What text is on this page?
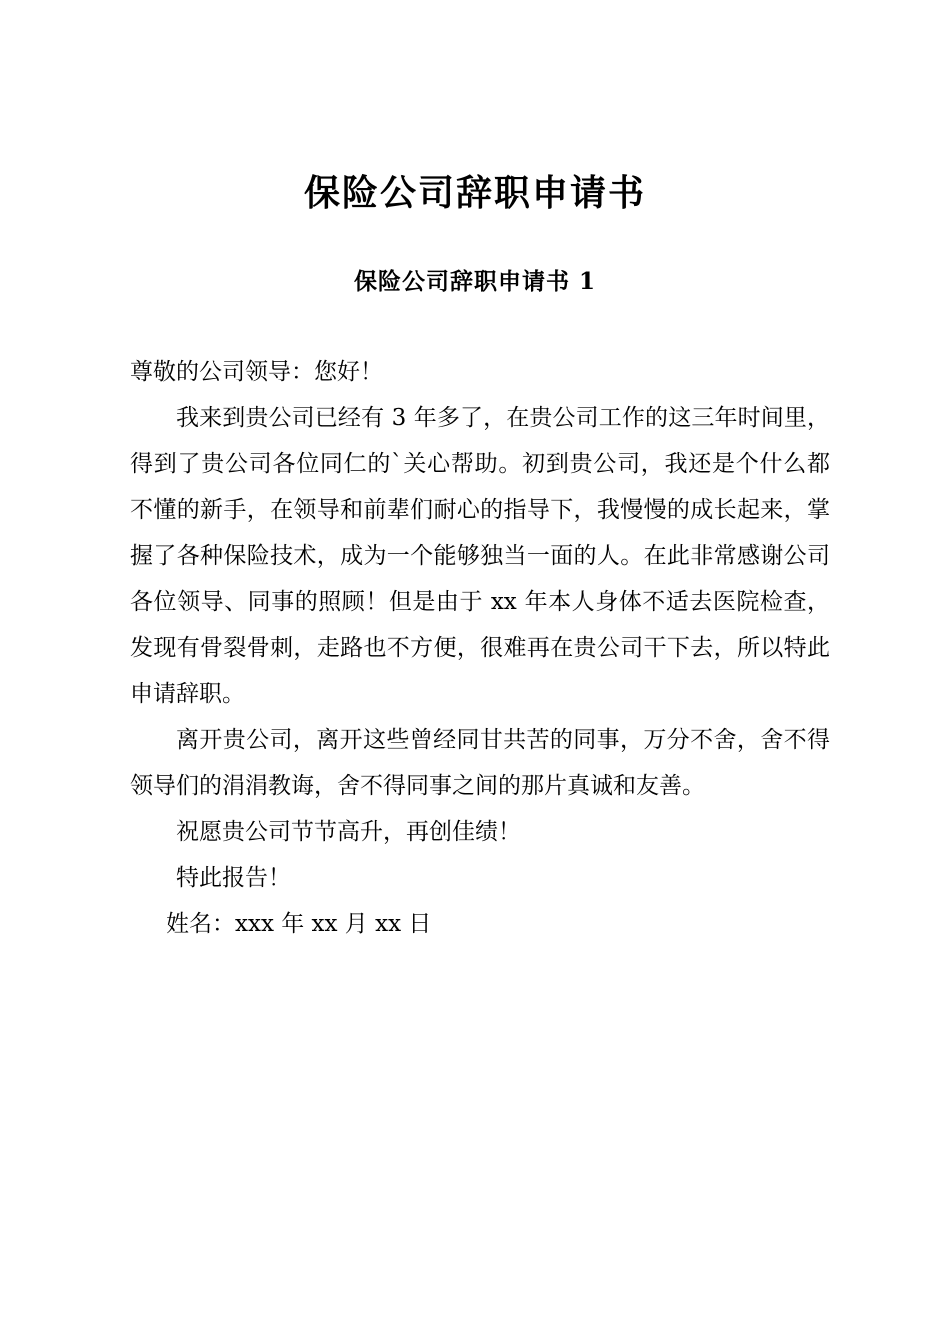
保险公司辞职申请书
保险公司辞职申请书 1

尊敬的公司领导：您好！

我来到贵公司已经有 3 年多了，在贵公司工作的这三年时间里，得到了贵公司各位同仁的`关心帮助。初到贵公司，我还是个什么都不懂的新手，在领导和前辈们耐心的指导下，我慢慢的成长起来，掌握了各种保险技术，成为一个能够独当一面的人。在此非常感谢公司各位领导、同事的照顾！但是由于 xx 年本人身体不适去医院检查，发现有骨裂骨刺，走路也不方便，很难再在贵公司干下去，所以特此申请辞职。

离开贵公司，离开这些曾经同甘共苦的同事，万分不舍，舍不得领导们的涓涓教诲，舍不得同事之间的那片真诚和友善。

祝愿贵公司节节高升，再创佳绩！

特此报告！

姓名：xxx 年 xx 月 xx 日
